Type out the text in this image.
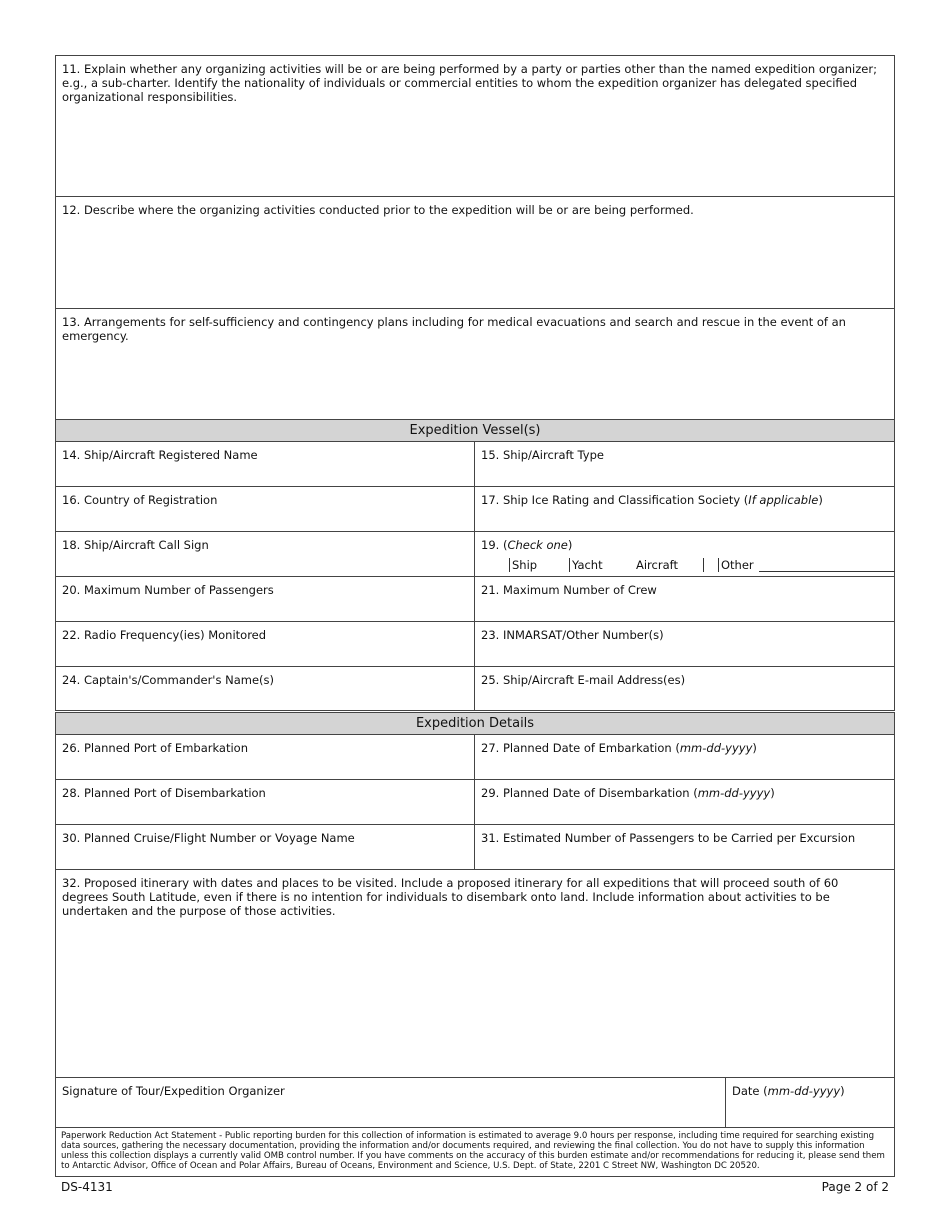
11. Explain whether any organizing activities will be or are being performed by a party or parties other than the named expedition organizer; e.g., a sub-charter. Identify the nationality of individuals or commercial entities to whom the expedition organizer has delegated specified organizational responsibilities.
12. Describe where the organizing activities conducted prior to the expedition will be or are being performed.
13. Arrangements for self-sufficiency and contingency plans including for medical evacuations and search and rescue in the event of an emergency.
Expedition Vessel(s)
14. Ship/Aircraft Registered Name	15. Ship/Aircraft Type
16. Country of Registration	17. Ship Ice Rating and Classification Society (If applicable)
18. Ship/Aircraft Call Sign	19. (Check one)
Ship	Yacht	Aircraft	Other
20. Maximum Number of Passengers	21. Maximum Number of Crew
22. Radio Frequency(ies) Monitored	23. INMARSAT/Other Number(s)
24. Captain's/Commander's Name(s)	25. Ship/Aircraft E-mail Address(es)
Expedition Details
26. Planned Port of Embarkation	27. Planned Date of Embarkation (mm-dd-yyyy)
28. Planned Port of Disembarkation	29. Planned Date of Disembarkation (mm-dd-yyyy)
30. Planned Cruise/Flight Number or Voyage Name	31. Estimated Number of Passengers to be Carried per Excursion
32. Proposed itinerary with dates and places to be visited. Include a proposed itinerary for all expeditions that will proceed south of 60 degrees South Latitude, even if there is no intention for individuals to disembark onto land. Include information about activities to be undertaken and the purpose of those activities.
Signature of Tour/Expedition Organizer	Date (mm-dd-yyyy)
Paperwork Reduction Act Statement - Public reporting burden for this collection of information is estimated to average 9.0 hours per response, including time required for searching existing data sources, gathering the necessary documentation, providing the information and/or documents required, and reviewing the final collection. You do not have to supply this information unless this collection displays a currently valid OMB control number. If you have comments on the accuracy of this burden estimate and/or recommendations for reducing it, please send them to Antarctic Advisor, Office of Ocean and Polar Affairs, Bureau of Oceans, Environment and Science, U.S. Dept. of State, 2201 C Street NW, Washington DC 20520.
DS-4131	Page 2 of 2
